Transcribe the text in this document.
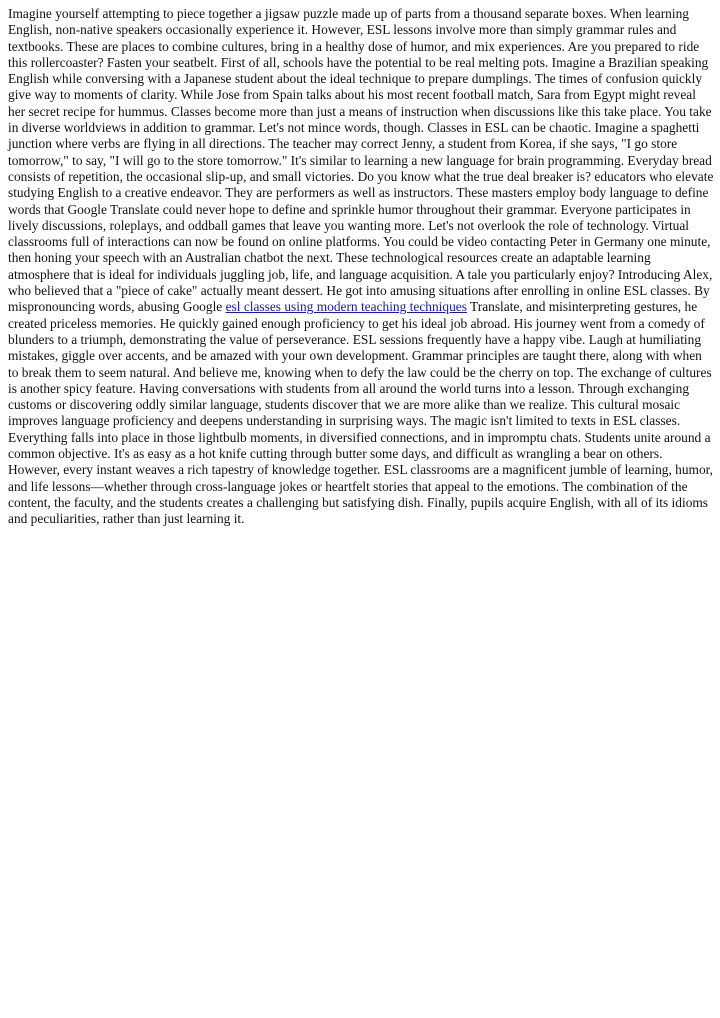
Imagine yourself attempting to piece together a jigsaw puzzle made up of parts from a thousand separate boxes. When learning English, non-native speakers occasionally experience it. However, ESL lessons involve more than simply grammar rules and textbooks. These are places to combine cultures, bring in a healthy dose of humor, and mix experiences. Are you prepared to ride this rollercoaster? Fasten your seatbelt. First of all, schools have the potential to be real melting pots. Imagine a Brazilian speaking English while conversing with a Japanese student about the ideal technique to prepare dumplings. The times of confusion quickly give way to moments of clarity. While Jose from Spain talks about his most recent football match, Sara from Egypt might reveal her secret recipe for hummus. Classes become more than just a means of instruction when discussions like this take place. You take in diverse worldviews in addition to grammar. Let's not mince words, though. Classes in ESL can be chaotic. Imagine a spaghetti junction where verbs are flying in all directions. The teacher may correct Jenny, a student from Korea, if she says, "I go store tomorrow," to say, "I will go to the store tomorrow." It's similar to learning a new language for brain programming. Everyday bread consists of repetition, the occasional slip-up, and small victories. Do you know what the true deal breaker is? educators who elevate studying English to a creative endeavor. They are performers as well as instructors. These masters employ body language to define words that Google Translate could never hope to define and sprinkle humor throughout their grammar. Everyone participates in lively discussions, roleplays, and oddball games that leave you wanting more. Let's not overlook the role of technology. Virtual classrooms full of interactions can now be found on online platforms. You could be video contacting Peter in Germany one minute, then honing your speech with an Australian chatbot the next. These technological resources create an adaptable learning atmosphere that is ideal for individuals juggling job, life, and language acquisition. A tale you particularly enjoy? Introducing Alex, who believed that a "piece of cake" actually meant dessert. He got into amusing situations after enrolling in online ESL classes. By mispronouncing words, abusing Google esl classes using modern teaching techniques Translate, and misinterpreting gestures, he created priceless memories. He quickly gained enough proficiency to get his ideal job abroad. His journey went from a comedy of blunders to a triumph, demonstrating the value of perseverance. ESL sessions frequently have a happy vibe. Laugh at humiliating mistakes, giggle over accents, and be amazed with your own development. Grammar principles are taught there, along with when to break them to seem natural. And believe me, knowing when to defy the law could be the cherry on top. The exchange of cultures is another spicy feature. Having conversations with students from all around the world turns into a lesson. Through exchanging customs or discovering oddly similar language, students discover that we are more alike than we realize. This cultural mosaic improves language proficiency and deepens understanding in surprising ways. The magic isn't limited to texts in ESL classes. Everything falls into place in those lightbulb moments, in diversified connections, and in impromptu chats. Students unite around a common objective. It's as easy as a hot knife cutting through butter some days, and difficult as wrangling a bear on others. However, every instant weaves a rich tapestry of knowledge together. ESL classrooms are a magnificent jumble of learning, humor, and life lessons—whether through cross-language jokes or heartfelt stories that appeal to the emotions. The combination of the content, the faculty, and the students creates a challenging but satisfying dish. Finally, pupils acquire English, with all of its idioms and peculiarities, rather than just learning it.
